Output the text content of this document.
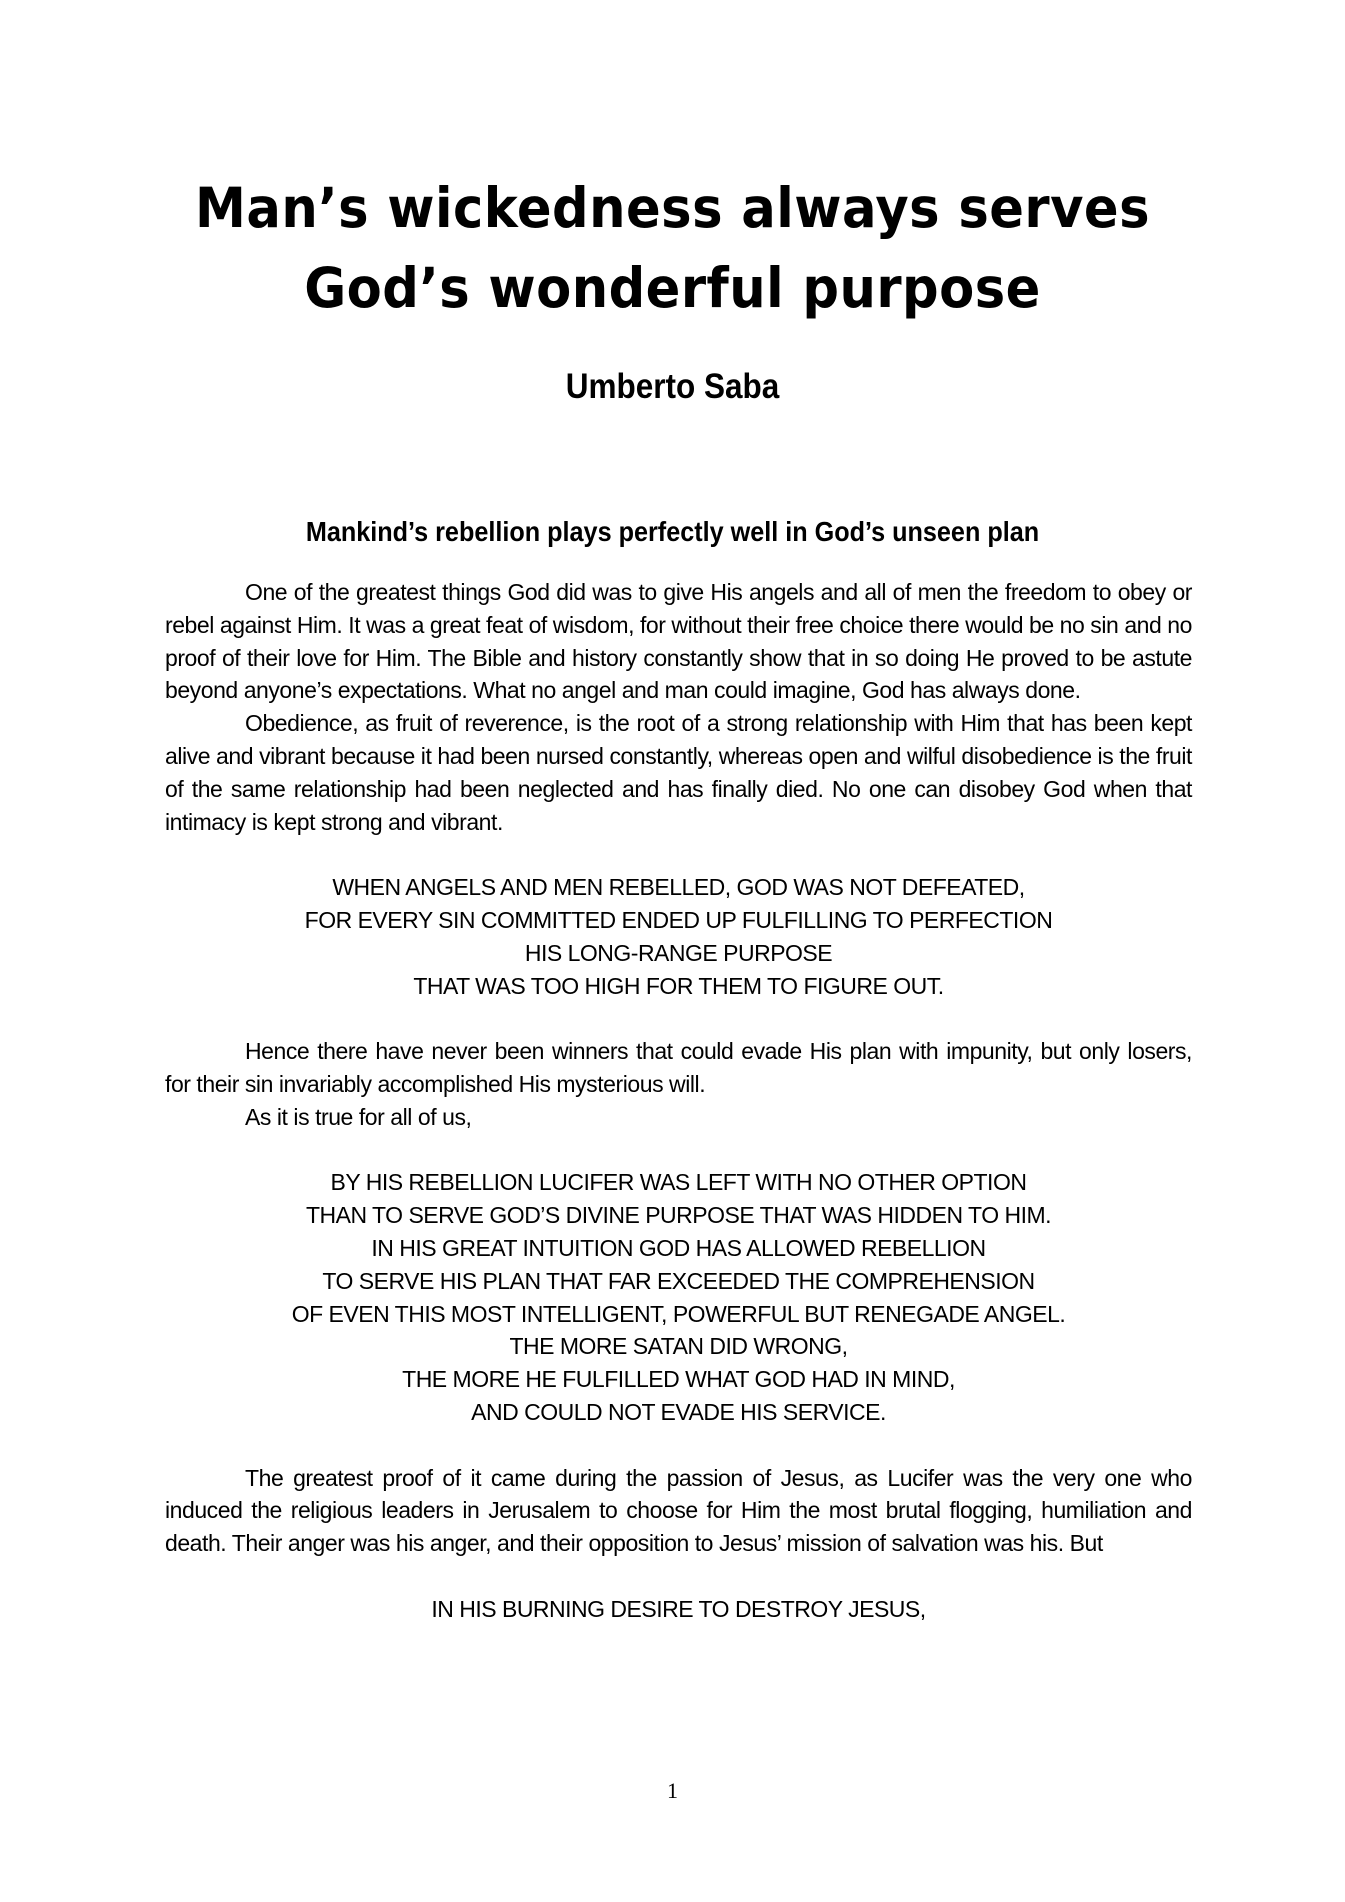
Man’s wickedness always serves
God’s wonderful purpose
Umberto Saba
Mankind’s rebellion plays perfectly well in God’s unseen plan

One of the greatest things God did was to give His angels and all of men the freedom to obey or rebel against Him. It was a great feat of wisdom, for without their free choice there would be no sin and no proof of their love for Him. The Bible and history constantly show that in so doing He proved to be astute beyond anyone’s expectations. What no angel and man could imagine, God has always done.

Obedience, as fruit of reverence, is the root of a strong relationship with Him that has been kept alive and vibrant because it had been nursed constantly, whereas open and wilful disobedience is the fruit of the same relationship had been neglected and has finally died. No one can disobey God when that intimacy is kept strong and vibrant.

WHEN ANGELS AND MEN REBELLED, GOD WAS NOT DEFEATED,
FOR EVERY SIN COMMITTED ENDED UP FULFILLING TO PERFECTION
HIS LONG-RANGE PURPOSE
THAT WAS TOO HIGH FOR THEM TO FIGURE OUT.

Hence there have never been winners that could evade His plan with impunity, but only losers, for their sin invariably accomplished His mysterious will.

As it is true for all of us,

BY HIS REBELLION LUCIFER WAS LEFT WITH NO OTHER OPTION
THAN TO SERVE GOD’S DIVINE PURPOSE THAT WAS HIDDEN TO HIM.
IN HIS GREAT INTUITION GOD HAS ALLOWED REBELLION
TO SERVE HIS PLAN THAT FAR EXCEEDED THE COMPREHENSION
OF EVEN THIS MOST INTELLIGENT, POWERFUL BUT RENEGADE ANGEL.
THE MORE SATAN DID WRONG,
THE MORE HE FULFILLED WHAT GOD HAD IN MIND,
AND COULD NOT EVADE HIS SERVICE.

The greatest proof of it came during the passion of Jesus, as Lucifer was the very one who induced the religious leaders in Jerusalem to choose for Him the most brutal flogging, humiliation and death. Their anger was his anger, and their opposition to Jesus’ mission of salvation was his. But

IN HIS BURNING DESIRE TO DESTROY JESUS,
1
